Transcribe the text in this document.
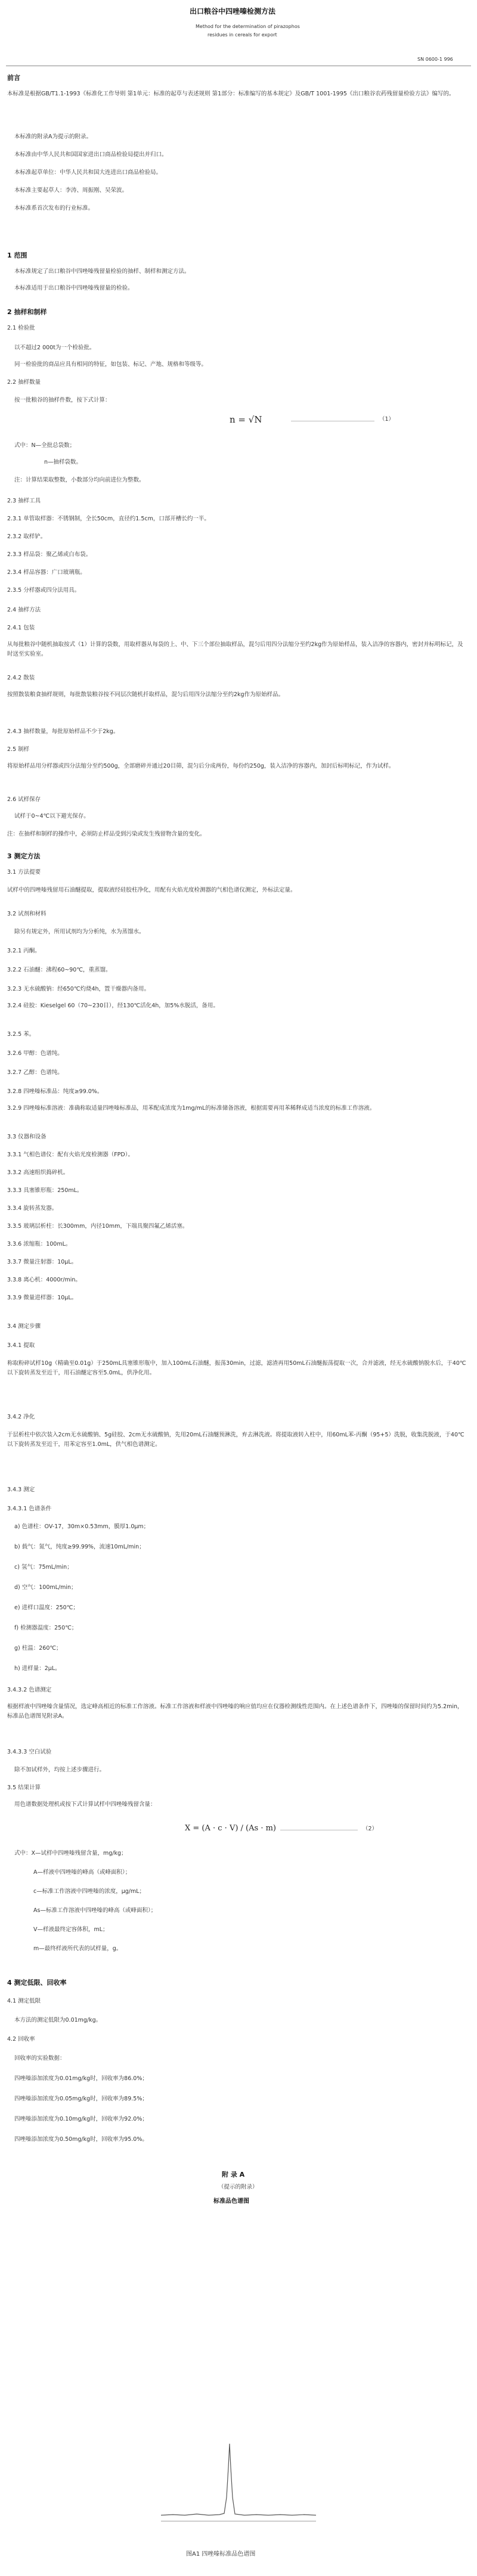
出口粮谷中四唑嗪检测方法
Method for the determination of pirazophos
residues in cereals for export
SN 0600-1 996
前言
本标准是根据GB/T1.1-1993《标准化工作导则 第1单元：标准的起草与表述规则 第1部分：标准编写的基本规定》及GB/T 1001-1995《出口粮谷农药残留量检验方法》编写的。
本标准的附录A为提示的附录。
本标准由中华人民共和国国家进出口商品检验局提出并归口。
本标准起草单位：中华人民共和国大连进出口商品检验局。
本标准主要起草人：李涛、周振刚、吴荣波。
本标准系首次发布的行业标准。
1 范围
本标准规定了出口粮谷中四唑嗪残留量检验的抽样、制样和测定方法。
本标准适用于出口粮谷中四唑嗪残留量的检验。
2 抽样和制样
2.1 检验批
以不超过2 000t为一个检验批。
同一检验批的商品应具有相同的特征，如包装、标记、产地、规格和等级等。
2.2 抽样数量
按一批粮谷的抽样件数，按下式计算：
n = √N	（1）
式中：N—全批总袋数；
n—抽样袋数。
注：计算结果取整数，小数部分均向前进位为整数。
2.3 抽样工具
2.3.1 单管取样器：不锈钢制，全长50cm，直径约1.5cm，口部开槽长约一半。
2.3.2 取样铲。
2.3.3 样品袋：聚乙烯或白布袋。
2.3.4 样品容器：广口玻璃瓶。
2.3.5 分样器或四分法用具。
2.4 抽样方法
2.4.1 包装
从每批粮谷中随机抽取按式（1）计算的袋数，用取样器从每袋的上、中、下三个部位抽取样品，混匀后用四分法缩分至约2kg作为原始样品，装入洁净的容器内，密封并标明标记，及时送至实验室。
2.4.2 散装
按照散装粮食抽样规则，每批散装粮谷按不同层次随机扦取样品，混匀后用四分法缩分至约2kg作为原始样品。
2.4.3 抽样数量，每批原始样品不少于2kg。
2.5 制样
将原始样品用分样器或四分法缩分至约500g，全部磨碎并通过20目筛，混匀后分成两份，每份约250g，装入洁净的容器内，加封后标明标记，作为试样。
2.6 试样保存
试样于0~4℃以下避光保存。
注：在抽样和制样的操作中，必须防止样品受到污染或发生残留物含量的变化。
3 测定方法
3.1 方法提要
试样中的四唑嗪残留用石油醚提取，提取液经硅胶柱净化，用配有火焰光度检测器的气相色谱仪测定，外标法定量。
3.2 试剂和材料
除另有规定外，所用试剂均为分析纯，水为蒸馏水。
3.2.1 丙酮。
3.2.2 石油醚：沸程60~90℃，重蒸馏。
3.2.3 无水硫酸钠：经650℃灼烧4h，置干燥器内备用。
3.2.4 硅胶：Kieselgel 60（70~230目），经130℃活化4h，加5%水脱活，备用。
3.2.5 苯。
3.2.6 甲醇：色谱纯。
3.2.7 乙醇：色谱纯。
3.2.8 四唑嗪标准品：纯度≥99.0%。
3.2.9 四唑嗪标准溶液：准确称取适量四唑嗪标准品，用苯配成浓度为1mg/mL的标准储备溶液，根据需要再用苯稀释成适当浓度的标准工作溶液。
3.3 仪器和设备
3.3.1 气相色谱仪：配有火焰光度检测器（FPD）。
3.3.2 高速组织捣碎机。
3.3.3 具塞锥形瓶：250mL。
3.3.4 旋转蒸发器。
3.3.5 玻璃层析柱：长300mm，内径10mm，下端具聚四氟乙烯活塞。
3.3.6 浓缩瓶：100mL。
3.3.7 微量注射器：10μL。
3.3.8 离心机：4000r/min。
3.3.9 微量进样器：10μL。
3.4 测定步骤
3.4.1 提取
称取粉碎试样10g（精确至0.01g）于250mL具塞锥形瓶中，加入100mL石油醚，振荡30min，过滤，滤渣再用50mL石油醚振荡提取一次，合并滤液，经无水硫酸钠脱水后，于40℃以下旋转蒸发至近干，用石油醚定容至5.0mL，供净化用。
3.4.2 净化
于层析柱中依次装入2cm无水硫酸钠、5g硅胶、2cm无水硫酸钠，先用20mL石油醚预淋洗，弃去淋洗液。将提取液转入柱中，用60mL苯-丙酮（95+5）洗脱，收集洗脱液，于40℃以下旋转蒸发至近干，用苯定容至1.0mL，供气相色谱测定。
3.4.3 测定
3.4.3.1 色谱条件
a) 色谱柱：OV-17，30m×0.53mm，膜厚1.0μm；
b) 载气：氮气，纯度≥99.99%，流速10mL/min；
c) 氢气：75mL/min；
d) 空气：100mL/min；
e) 进样口温度：250℃；
f) 检测器温度：250℃；
g) 柱温：260℃；
h) 进样量：2μL。
3.4.3.2 色谱测定
根据样液中四唑嗪含量情况，选定峰高相近的标准工作溶液。标准工作溶液和样液中四唑嗪的响应值均应在仪器检测线性范围内。在上述色谱条件下，四唑嗪的保留时间约为5.2min，标准品色谱图见附录A。
3.4.3.3 空白试验
除不加试样外，均按上述步骤进行。
3.5 结果计算
用色谱数据处理机或按下式计算试样中四唑嗪残留含量：
X = (A · c · V) / (As · m)	（2）
式中：X—试样中四唑嗪残留含量，mg/kg；
A—样液中四唑嗪的峰高（或峰面积）；
c—标准工作溶液中四唑嗪的浓度，μg/mL；
As—标准工作溶液中四唑嗪的峰高（或峰面积）；
V—样液最终定容体积，mL；
m—最终样液所代表的试样量，g。
4 测定低限、回收率
4.1 测定低限
本方法的测定低限为0.01mg/kg。
4.2 回收率
回收率的实验数据：
四唑嗪添加浓度为0.01mg/kg时，回收率为86.0%；
四唑嗪添加浓度为0.05mg/kg时，回收率为89.5%；
四唑嗪添加浓度为0.10mg/kg时，回收率为92.0%；
四唑嗪添加浓度为0.50mg/kg时，回收率为95.0%。
附 录 A
（提示的附录）
标准品色谱图
图A1 四唑嗪标准品色谱图
